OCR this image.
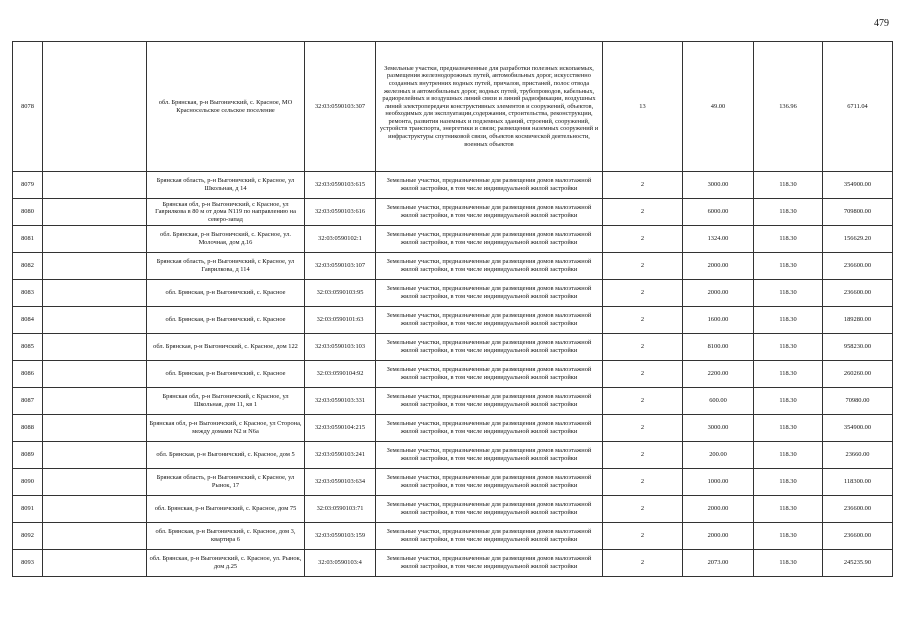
479
8078		обл. Брянская, р-н Выгоничский, с. Красное, МО Красносельское сельское поселение	32:03:0590103:307	Земельные участки, предназначенные для разработки полезных ископаемых, размещения железнодорожных путей, автомобильных дорог, искусственно созданных внутренних водных путей, причалов, пристаней, полос отвода железных и автомобильных дорог, водных путей, трубопроводов, кабельных, радиорелейных и воздушных линий связи и линий радиофикации, воздушных линий электропередачи конструктивных элементов и сооружений, объектов, необходимых для эксплуатации,содержания, строительства, реконструкции, ремонта, развития наземных и подземных зданий, строений, сооружений, устройств транспорта, энергетики и связи; размещения наземных сооружений и инфраструктуры спутниковой связи, объектов космической деятельности, военных объектов	13	49.00	136.96	6711.04
8079		Брянская область, р-н Выгоничский, с Красное, ул Школьная, д 14	32:03:0590103:615	Земельные участки, предназначенные для размещения домов малоэтажной жилой застройки, в том числе индивидуальной жилой застройки	2	3000.00	118.30	354900.00
8080		Брянская обл, р-н Выгоничский, с Красное, ул Гаврилкова в 80 м от дома N119 по направлению на северо-запад	32:03:0590103:616	Земельные участки, предназначенные для размещения домов малоэтажной жилой застройки, в том числе индивидуальной жилой застройки	2	6000.00	118.30	709800.00
8081		обл. Брянская, р-н Выгоничский, с. Красное, ул. Молочная, дом д.16	32:03:0590102:1	Земельные участки, предназначенные для размещения домов малоэтажной жилой застройки, в том числе индивидуальной жилой застройки	2	1324.00	118.30	156629.20
8082		Брянская область, р-н Выгоничский, с Красное, ул Гаврилкова, д 114	32:03:0590103:107	Земельные участки, предназначенные для размещения домов малоэтажной жилой застройки, в том числе индивидуальной жилой застройки	2	2000.00	118.30	236600.00
8083		обл. Брянская, р-н Выгоничский, с. Красное	32:03:0590103:95	Земельные участки, предназначенные для размещения домов малоэтажной жилой застройки, в том числе индивидуальной жилой застройки	2	2000.00	118.30	236600.00
8084		обл. Брянская, р-н Выгоничский, с. Красное	32:03:0590101:63	Земельные участки, предназначенные для размещения домов малоэтажной жилой застройки, в том числе индивидуальной жилой застройки	2	1600.00	118.30	189280.00
8085		обл. Брянская, р-н Выгоничский, с. Красное, дом 122	32:03:0590103:103	Земельные участки, предназначенные для размещения домов малоэтажной жилой застройки, в том числе индивидуальной жилой застройки	2	8100.00	118.30	958230.00
8086		обл. Брянская, р-н Выгоничский, с. Красное	32:03:0590104:92	Земельные участки, предназначенные для размещения домов малоэтажной жилой застройки, в том числе индивидуальной жилой застройки	2	2200.00	118.30	260260.00
8087		Брянская обл, р-н Выгоничский, с Красное, ул Школьная, дом 11, кв 1	32:03:0590103:331	Земельные участки, предназначенные для размещения домов малоэтажной жилой застройки, в том числе индивидуальной жилой застройки	2	600.00	118.30	70980.00
8088		Брянская обл, р-н Выгоничский, с Красное, ул Сторона, между домами N2 и N6а	32:03:0590104:215	Земельные участки, предназначенные для размещения домов малоэтажной жилой застройки, в том числе индивидуальной жилой застройки	2	3000.00	118.30	354900.00
8089		обл. Брянская, р-н Выгоничский, с. Красное, дом 5	32:03:0590103:241	Земельные участки, предназначенные для размещения домов малоэтажной жилой застройки, в том числе индивидуальной жилой застройки	2	200.00	118.30	23660.00
8090		Брянская область, р-н Выгоничский, с Красное, ул Рынок, 17	32:03:0590103:634	Земельные участки, предназначенные для размещения домов малоэтажной жилой застройки, в том числе индивидуальной жилой застройки	2	1000.00	118.30	118300.00
8091		обл. Брянская, р-н Выгоничский, с. Красное, дом 75	32:03:0590103:71	Земельные участки, предназначенные для размещения домов малоэтажной жилой застройки, в том числе индивидуальной жилой застройки	2	2000.00	118.30	236600.00
8092		обл. Брянская, р-н Выгоничский, с. Красное, дом 3, квартира 6	32:03:0590103:159	Земельные участки, предназначенные для размещения домов малоэтажной жилой застройки, в том числе индивидуальной жилой застройки	2	2000.00	118.30	236600.00
8093		обл. Брянская, р-н Выгоничский, с. Красное, ул. Рынок, дом д.25	32:03:0590103:4	Земельные участки, предназначенные для размещения домов малоэтажной жилой застройки, в том числе индивидуальной жилой застройки	2	2073.00	118.30	245235.90
